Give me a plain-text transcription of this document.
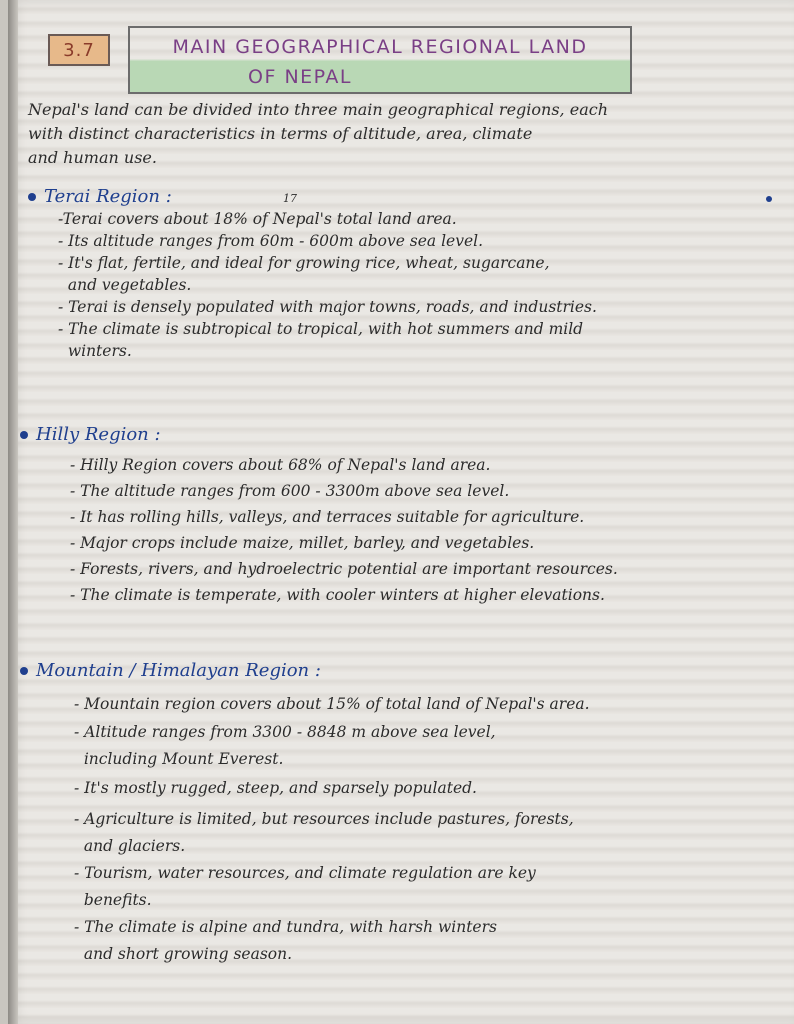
3.7	MAIN GEOGRAPHICAL REGIONAL LAND
OF NEPAL
Nepal's land can be divided into three main geographical regions, each
with distinct characteristics in terms of altitude, area, climate
and human use.
Terai Region :	17
-Terai covers about 18% of Nepal's total land area.
- Its altitude ranges from 60m - 600m above sea level.
- It's flat, fertile, and ideal for growing rice, wheat, sugarcane,
and vegetables.
- Terai is densely populated with major towns, roads, and industries.
- The climate is subtropical to tropical, with hot summers and mild
winters.
Hilly Region :
- Hilly Region covers about 68% of Nepal's land area.
- The altitude ranges from 600 - 3300m above sea level.
- It has rolling hills, valleys, and terraces suitable for agriculture.
- Major crops include maize, millet, barley, and vegetables.
- Forests, rivers, and hydroelectric potential are important resources.
- The climate is temperate, with cooler winters at higher elevations.
Mountain / Himalayan Region :
- Mountain region covers about 15% of total land of Nepal's area.
- Altitude ranges from 3300 - 8848 m above sea level,
including Mount Everest.
- It's mostly rugged, steep, and sparsely populated.
- Agriculture is limited, but resources include pastures, forests,
and glaciers.
- Tourism, water resources, and climate regulation are key
benefits.
- The climate is alpine and tundra, with harsh winters
and short growing season.
